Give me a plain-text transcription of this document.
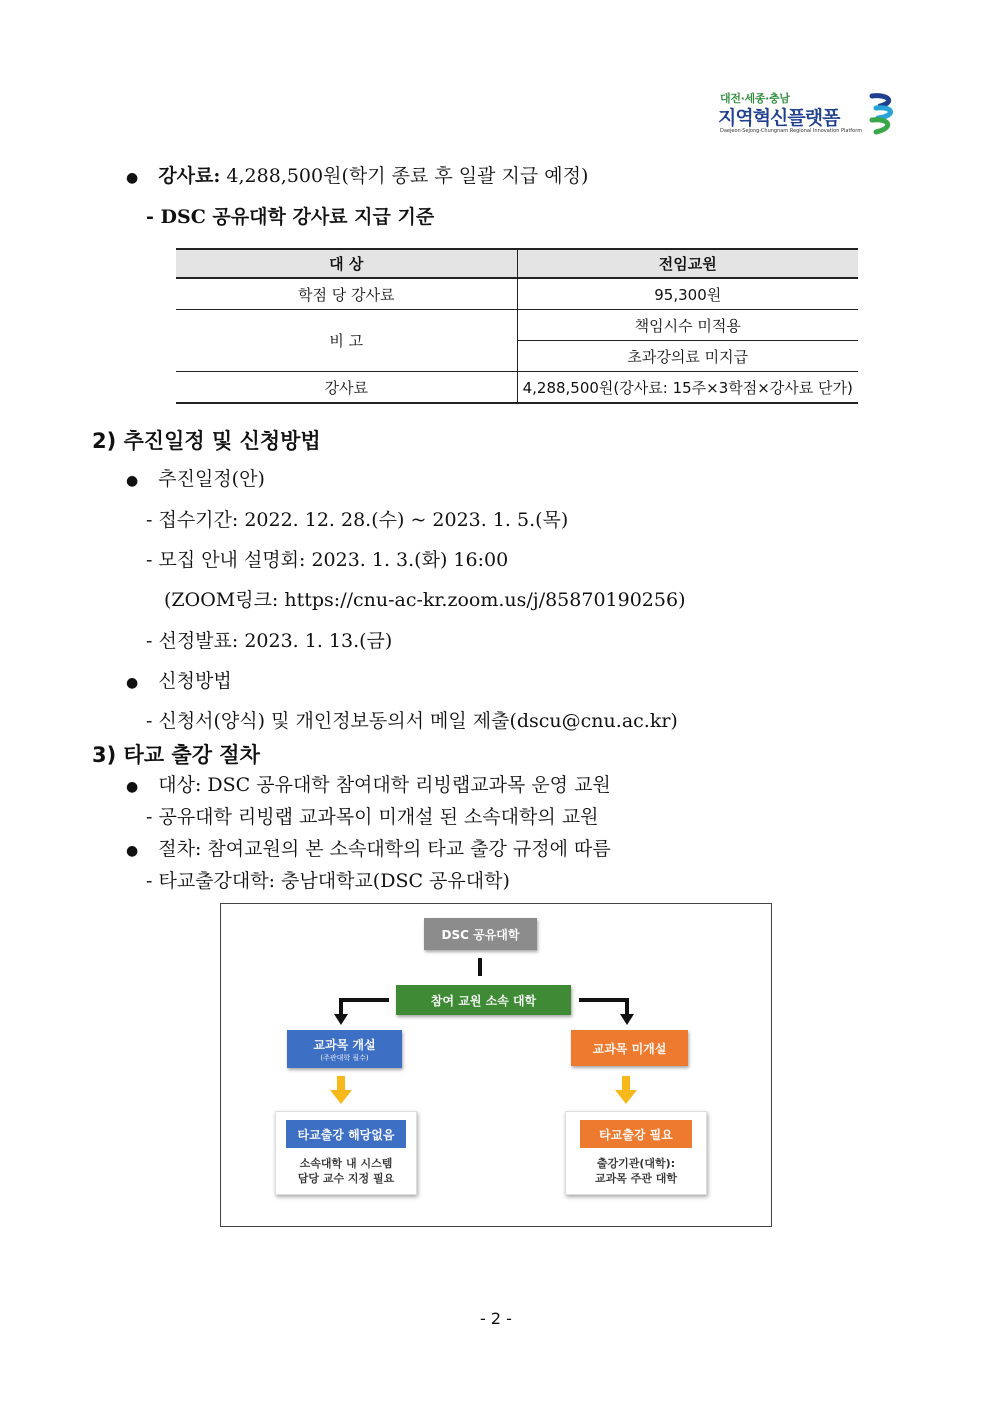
대전·세종·충남
지역혁신플랫폼
Daejeon·Sejong·Chungnam Regional Innovation Platform
● 강사료: 4,288,500원(학기 종료 후 일괄 지급 예정)
- DSC 공유대학 강사료 지급 기준
대 상	전임교원
학점 당 강사료	95,300원
비 고	책임시수 미적용
	초과강의료 미지급
강사료	4,288,500원(강사료: 15주×3학점×강사료 단가)
2) 추진일정 및 신청방법
● 추진일정(안)
- 접수기간: 2022. 12. 28.(수) ~ 2023. 1. 5.(목)
- 모집 안내 설명회: 2023. 1. 3.(화) 16:00
(ZOOM링크: https://cnu-ac-kr.zoom.us/j/85870190256)
- 선정발표: 2023. 1. 13.(금)
● 신청방법
- 신청서(양식) 및 개인정보동의서 메일 제출(dscu@cnu.ac.kr)
3) 타교 출강 절차
● 대상: DSC 공유대학 참여대학 리빙랩교과목 운영 교원
- 공유대학 리빙랩 교과목이 미개설 된 소속대학의 교원
● 절차: 참여교원의 본 소속대학의 타교 출강 규정에 따름
- 타교출강대학: 충남대학교(DSC 공유대학)
DSC 공유대학
참여 교원 소속 대학
교과목 개설
(주관대학 필수)
교과목 미개설
타교출강 해당없음
소속대학 내 시스템
담당 교수 지정 필요
타교출강 필요
출강기관(대학):
교과목 주관 대학
- 2 -
